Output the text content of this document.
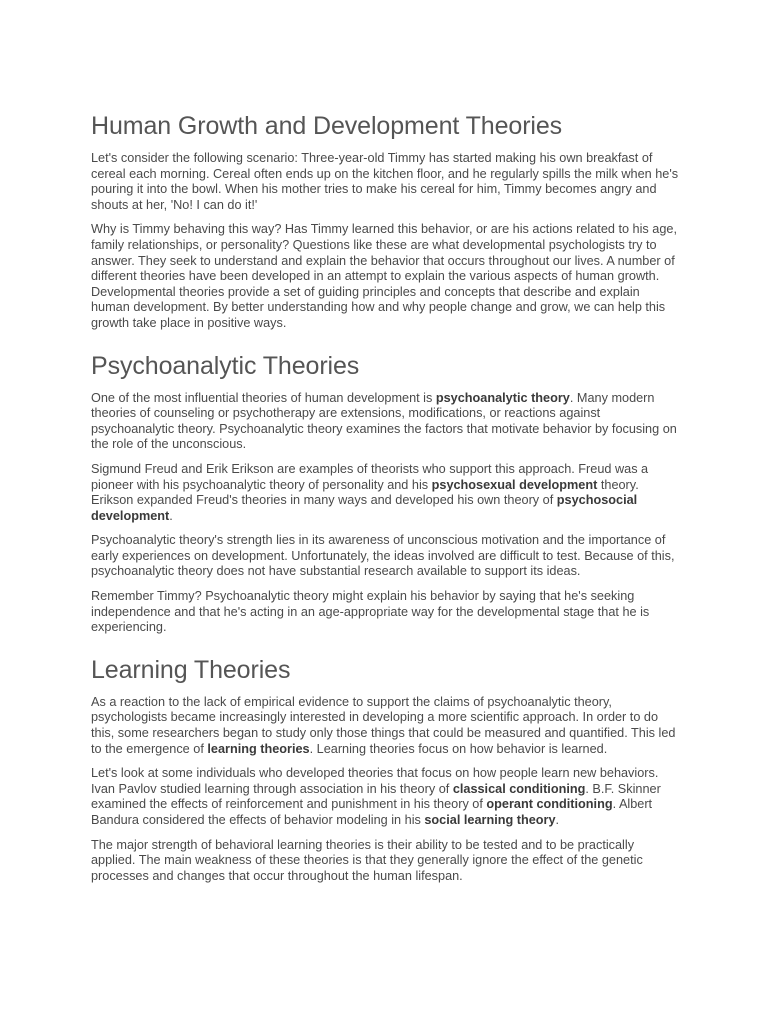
Human Growth and Development Theories

Let's consider the following scenario: Three-year-old Timmy has started making his own breakfast of cereal each morning. Cereal often ends up on the kitchen floor, and he regularly spills the milk when he's pouring it into the bowl. When his mother tries to make his cereal for him, Timmy becomes angry and shouts at her, 'No! I can do it!'

Why is Timmy behaving this way? Has Timmy learned this behavior, or are his actions related to his age, family relationships, or personality? Questions like these are what developmental psychologists try to answer. They seek to understand and explain the behavior that occurs throughout our lives. A number of different theories have been developed in an attempt to explain the various aspects of human growth. Developmental theories provide a set of guiding principles and concepts that describe and explain human development. By better understanding how and why people change and grow, we can help this growth take place in positive ways.

Psychoanalytic Theories

One of the most influential theories of human development is psychoanalytic theory. Many modern theories of counseling or psychotherapy are extensions, modifications, or reactions against psychoanalytic theory. Psychoanalytic theory examines the factors that motivate behavior by focusing on the role of the unconscious.

Sigmund Freud and Erik Erikson are examples of theorists who support this approach. Freud was a pioneer with his psychoanalytic theory of personality and his psychosexual development theory. Erikson expanded Freud's theories in many ways and developed his own theory of psychosocial development.

Psychoanalytic theory's strength lies in its awareness of unconscious motivation and the importance of early experiences on development. Unfortunately, the ideas involved are difficult to test. Because of this, psychoanalytic theory does not have substantial research available to support its ideas.

Remember Timmy? Psychoanalytic theory might explain his behavior by saying that he's seeking independence and that he's acting in an age-appropriate way for the developmental stage that he is experiencing.

Learning Theories

As a reaction to the lack of empirical evidence to support the claims of psychoanalytic theory, psychologists became increasingly interested in developing a more scientific approach. In order to do this, some researchers began to study only those things that could be measured and quantified. This led to the emergence of learning theories. Learning theories focus on how behavior is learned.

Let's look at some individuals who developed theories that focus on how people learn new behaviors. Ivan Pavlov studied learning through association in his theory of classical conditioning. B.F. Skinner examined the effects of reinforcement and punishment in his theory of operant conditioning. Albert Bandura considered the effects of behavior modeling in his social learning theory.

The major strength of behavioral learning theories is their ability to be tested and to be practically applied. The main weakness of these theories is that they generally ignore the effect of the genetic processes and changes that occur throughout the human lifespan.
